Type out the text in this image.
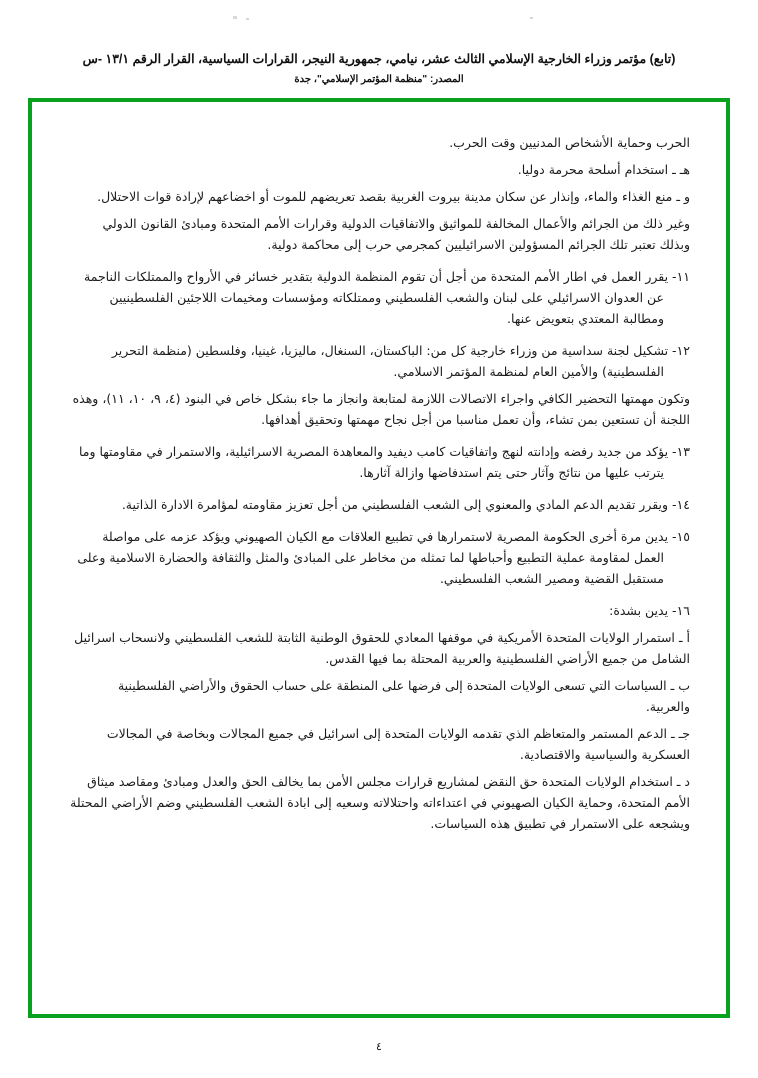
(تابع) مؤتمر وزراء الخارجية الإسلامي الثالث عشر، نيامي، جمهورية النيجر، القرارات السياسية، القرار الرقم ١٣/١ -س
المصدر: "منظمة المؤتمر الإسلامي"، جدة

الحرب وحماية الأشخاص المدنيين وقت الحرب.

هـ ـ استخدام أسلحة محرمة دوليا.

و ـ منع الغذاء والماء، وإنذار عن سكان مدينة بيروت الغربية بقصد تعريضهم للموت أو اخضاعهم لإرادة قوات الاحتلال.

وغير ذلك من الجرائم والأعمال المخالفة للمواثيق والاتفاقيات الدولية وقرارات الأمم المتحدة ومبادئ القانون الدولي وبذلك تعتبر تلك الجرائم المسؤولين الاسرائيليين كمجرمي حرب إلى محاكمة دولية.

١١- يقرر العمل في اطار الأمم المتحدة من أجل أن تقوم المنظمة الدولية بتقدير خسائر في الأرواح والممتلكات الناجمة عن العدوان الاسرائيلي على لبنان والشعب الفلسطيني وممتلكاته ومؤسسات ومخيمات اللاجئين الفلسطينيين ومطالبة المعتدي بتعويض عنها.

١٢- تشكيل لجنة سداسية من وزراء خارجية كل من: الباكستان، السنغال، ماليزيا، غينيا، وفلسطين (منظمة التحرير الفلسطينية) والأمين العام لمنظمة المؤتمر الاسلامي.

وتكون مهمتها التحضير الكافي واجراء الاتصالات اللازمة لمتابعة وانجاز ما جاء بشكل خاص في البنود (٤، ٩، ١٠، ١١)، وهذه اللجنة أن تستعين بمن تشاء، وأن تعمل مناسبا من أجل نجاح مهمتها وتحقيق أهدافها.

١٣- يؤكد من جديد رفضه وإدانته لنهج واتفاقيات كامب ديفيد والمعاهدة المصرية الاسرائيلية، والاستمرار في مقاومتها وما يترتب عليها من نتائج وآثار حتى يتم استدفاضها وازالة آثارها.

١٤- ويقرر تقديم الدعم المادي والمعنوي إلى الشعب الفلسطيني من أجل تعزيز مقاومته لمؤامرة الادارة الذاتية.

١٥- يدين مرة أخرى الحكومة المصرية لاستمرارها في تطبيع العلاقات مع الكيان الصهيوني ويؤكد عزمه على مواصلة العمل لمقاومة عملية التطبيع وأحباطها لما تمثله من مخاطر على المبادئ والمثل والثقافة والحضارة الاسلامية وعلى مستقبل القضية ومصير الشعب الفلسطيني.

١٦- يدين بشدة:

أ ـ استمرار الولايات المتحدة الأمريكية في موقفها المعادي للحقوق الوطنية الثابتة للشعب الفلسطيني ولانسحاب اسرائيل الشامل من جميع الأراضي الفلسطينية والعربية المحتلة بما فيها القدس.

ب ـ السياسات التي تسعى الولايات المتحدة إلى فرضها على المنطقة على حساب الحقوق والأراضي الفلسطينية والعربية.

جـ ـ الدعم المستمر والمتعاظم الذي تقدمه الولايات المتحدة إلى اسرائيل في جميع المجالات وبخاصة في المجالات العسكرية والسياسية والاقتصادية.

د ـ استخدام الولايات المتحدة حق النقض لمشاريع قرارات مجلس الأمن بما يخالف الحق والعدل ومبادئ ومقاصد ميثاق الأمم المتحدة، وحماية الكيان الصهيوني في اعتداءاته واحتلالاته وسعيه إلى ابادة الشعب الفلسطيني وضم الأراضي المحتلة ويشجعه على الاستمرار في تطبيق هذه السياسات.

٤
